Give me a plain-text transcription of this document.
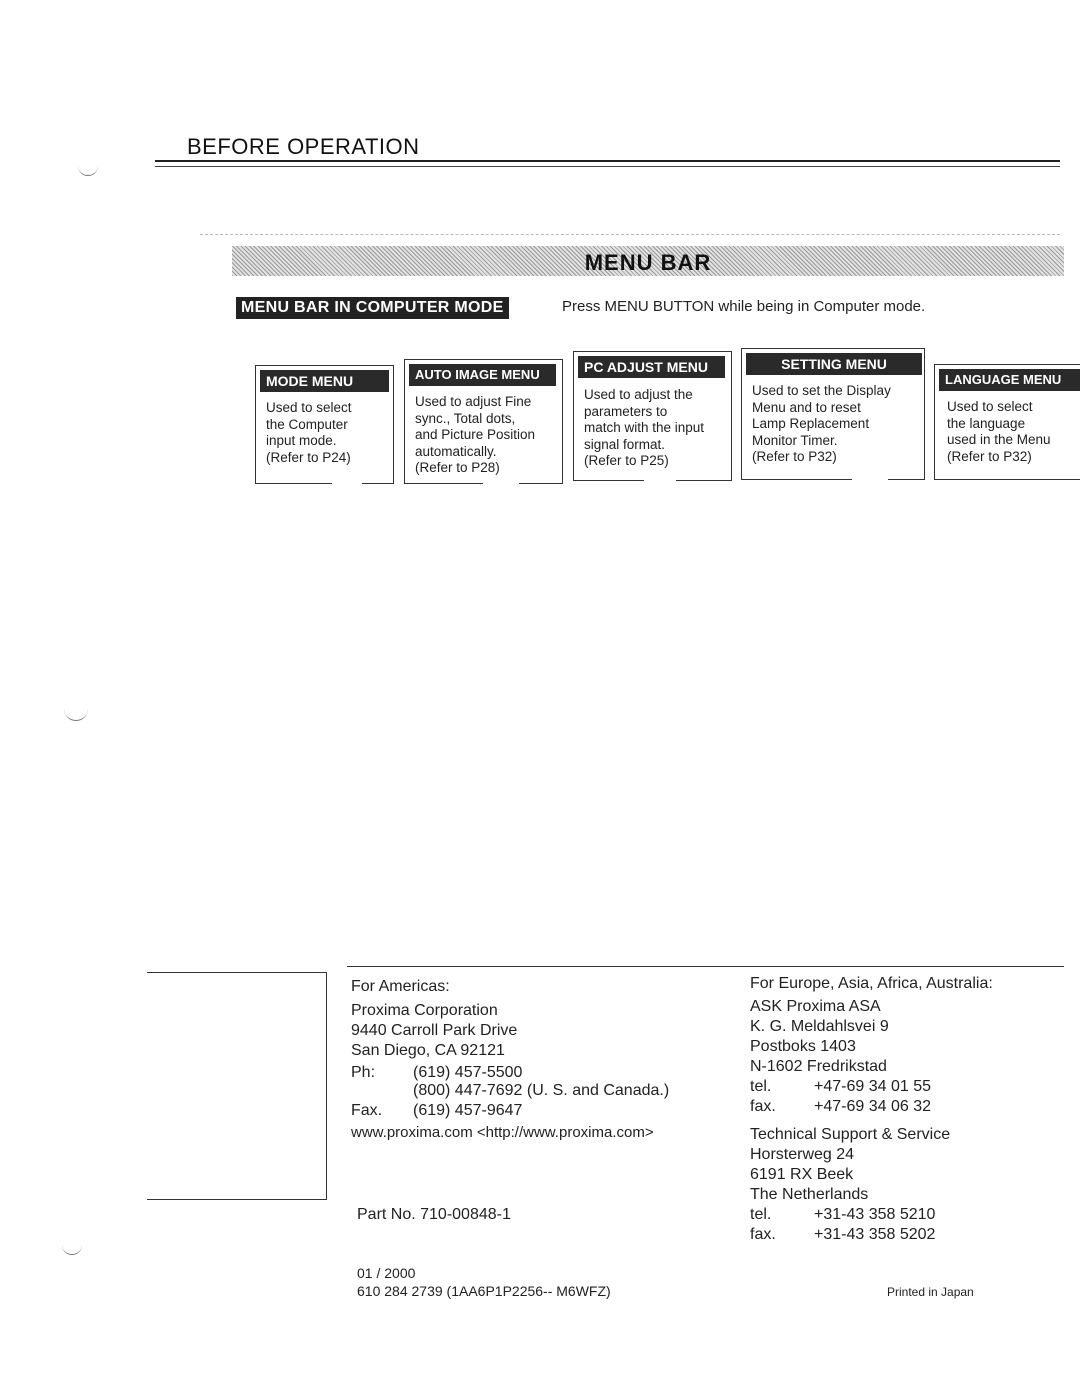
BEFORE OPERATION
MENU BAR
MENU BAR IN COMPUTER MODE	Press MENU BUTTON while being in Computer mode.
MODE MENU
Used to select
the Computer
input mode.
(Refer to P24)
AUTO IMAGE MENU
Used to adjust Fine
sync., Total dots,
and Picture Position
automatically.
(Refer to P28)
PC ADJUST MENU
Used to adjust the
parameters to
match with the input
signal format.
(Refer to P25)
SETTING MENU
Used to set the Display
Menu and to reset
Lamp Replacement
Monitor Timer.
(Refer to P32)
LANGUAGE MENU
Used to select
the language
used in the Menu
(Refer to P32)
For Americas:
Proxima Corporation
9440 Carroll Park Drive
San Diego, CA 92121
Ph: (619) 457-5500
(800) 447-7692 (U. S. and Canada.)
Fax. (619) 457-9647
www.proxima.com <http://www.proxima.com>
Part No. 710-00848-1
01 / 2000
610 284 2739 (1AA6P1P2256-- M6WFZ)
For Europe, Asia, Africa, Australia:
ASK Proxima ASA
K. G. Meldahlsvei 9
Postboks 1403
N-1602 Fredrikstad
tel.	+47-69 34 01 55
fax. +47-69 34 06 32
Technical Support & Service
Horsterweg 24
6191 RX Beek
The Netherlands
tel.	+31-43 358 5210
fax. +31-43 358 5202
Printed in Japan
